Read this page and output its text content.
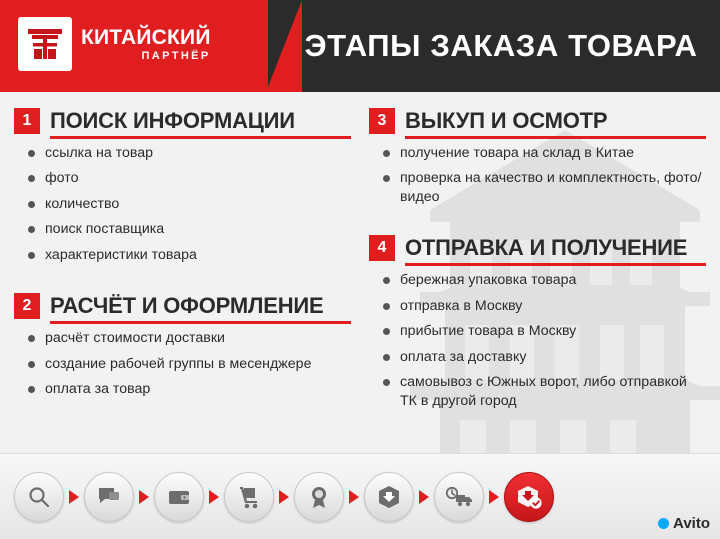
КИТАЙСКИЙ
ПАРТНЁР	ЭТАПЫ ЗАКАЗА ТОВАРА
1 ПОИСК ИНФОРМАЦИИ
ссылка на товар
фото
количество
поиск поставщика
характеристики товара
2 РАСЧЁТ И ОФОРМЛЕНИЕ
расчёт стоимости доставки
создание рабочей группы в месенджере
оплата за товар
3 ВЫКУП И ОСМОТР
получение товара на склад в Китае
проверка на качество и комплектность, фото/видео
4 ОТПРАВКА И ПОЛУЧЕНИЕ
бережная упаковка товара
отправка в Москву
прибытие товара в Москву
оплата за доставку
самовывоз с Южных ворот, либо отправкой ТК в другой город
Avito
